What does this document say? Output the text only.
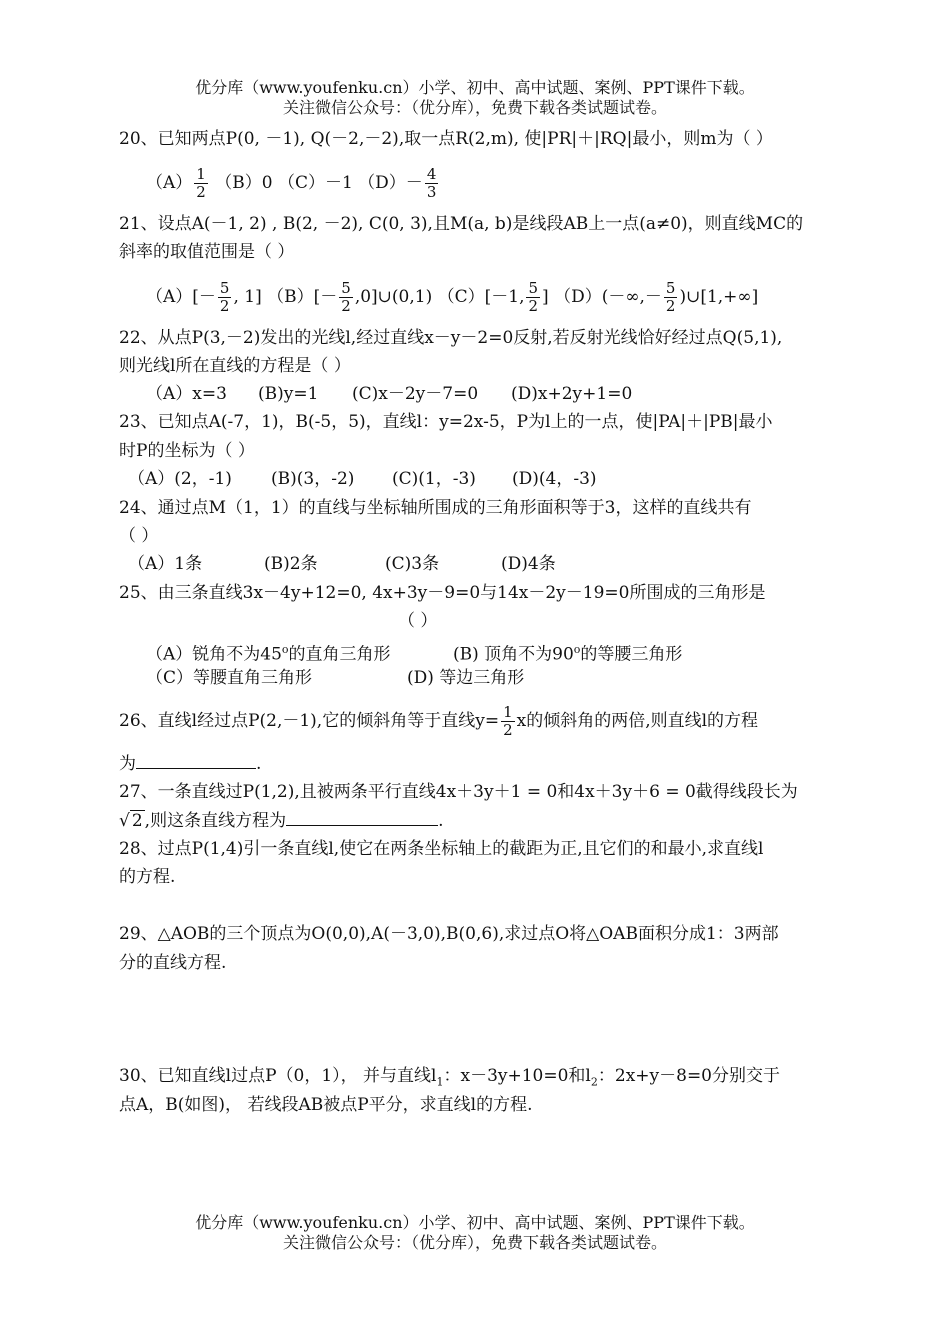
优分库（www.youfenku.cn）小学、初中、高中试题、案例、PPT课件下载。
关注微信公众号：（优分库），免费下载各类试题试卷。
20、已知两点P(0, －1), Q(－2,－2),取一点R(2,m), 使|PR|＋|RQ|最小，则m为（ ）
$(A) \frac{1}{2} (B)0$ （C）－1 $(D)- \frac{4}{3}$
21、设点A(－1, 2) , B(2, －2), C(0, 3),且M(a, b)是线段AB上一点(a≠0)，则直线MC的
斜率的取值范围是（ ）
$(A)[- \frac{5}{2}$ , 1] $(B)[- \frac{5}{2}$ ,0]∪(0,1) （C）[－1, $\frac{5}{2}$ ] $(D)(-\infty,- \frac{5}{2}$ )∪[1,+∞]
22、从点P(3,－2)发出的光线l,经过直线x－y－2=0反射,若反射光线恰好经过点Q(5,1),
则光线l所在直线的方程是（ ）
（A）x=3 (B)y=1 (C)x－2y－7=0 (D)x+2y+1=0
23、已知点A(-7，1)，B(-5，5)，直线l：y=2x-5，P为l上的一点，使|PA|＋|PB|最小
时P的坐标为（ ）
（A）(2，-1) (B)(3，-2) (C)(1，-3) (D)(4，-3)
24、通过点M（1，1）的直线与坐标轴所围成的三角形面积等于3，这样的直线共有
（ ）
（A）1条	(B)2条	(C)3条	(D)4条
25、由三条直线3x－4y+12=0, 4x+3y－9=0与14x－2y－19=0所围成的三角形是
（ ）
（A）锐角不为45$^o$的直角三角形	(B) 顶角不为90$^o$的等腰三角形
（C）等腰直角三角形	(D) 等边三角形
26、直线l经过点P(2,－1),它的倾斜角等于直线$y= \frac{1}{2}$ x的倾斜角的两倍,则直线l的方程
为	.
27、一条直线过P(1,2),且被两条平行直线4x＋3y＋1 = 0和4x＋3y＋6 = 0截得线段长为
√ 2 ,则这条直线方程为	.
28、过点P(1,4)引一条直线l,使它在两条坐标轴上的截距为正,且它们的和最小,求直线l
的方程.
29、△AOB的三个顶点为O(0,0),A(－3,0),B(0,6),求过点O将△OAB面积分成1：3两部
分的直线方程.
30、已知直线l过点P（0，1）， 并与直线$l_1$：x－3y+10=0和$l_2$：2x+y－8=0分别交于
点A，B(如图)， 若线段AB被点P平分，求直线l的方程.
优分库（www.youfenku.cn）小学、初中、高中试题、案例、PPT课件下载。
关注微信公众号：（优分库），免费下载各类试题试卷。
